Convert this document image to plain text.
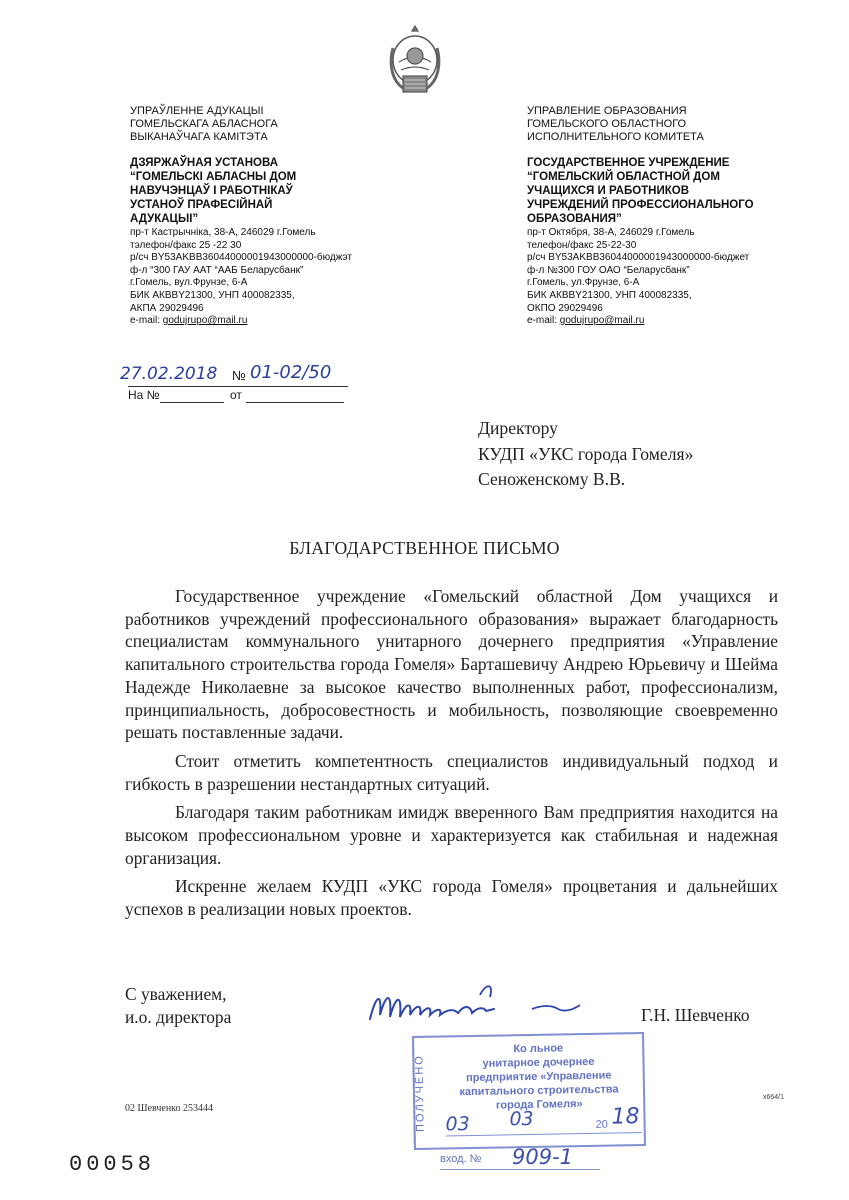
УПРАЎЛЕННЕ АДУКАЦЫІ
ГОМЕЛЬСКАГА АБЛАСНОГА
ВЫКАНАЎЧАГА КАМІТЭТА
ДЗЯРЖАЎНАЯ УСТАНОВА
“ГОМЕЛЬСКІ АБЛАСНЫ ДОМ
НАВУЧЭНЦАЎ І РАБОТНІКАЎ
УСТАНОЎ ПРАФЕСІЙНАЙ
АДУКАЦЫІ”
пр-т Кастрычніка, 38-А, 246029 г.Гомель
тэлефон/факс 25 -22 30
р/сч BY53AKBB36044000001943000000-бюджэт
ф-л “300 ГАУ ААТ “ААБ Беларусбанк”
г.Гомель, вул.Фрунзе, 6-А
БИК АКВВY21300, УНП 400082335,
АКПА 29029496
e-mail: godujrupo@mail.ru
УПРАВЛЕНИЕ ОБРАЗОВАНИЯ
ГОМЕЛЬСКОГО ОБЛАСТНОГО
ИСПОЛНИТЕЛЬНОГО КОМИТЕТА
ГОСУДАРСТВЕННОЕ УЧРЕЖДЕНИЕ
“ГОМЕЛЬСКИЙ ОБЛАСТНОЙ ДОМ
УЧАЩИХСЯ И РАБОТНИКОВ
УЧРЕЖДЕНИЙ ПРОФЕССИОНАЛЬНОГО
ОБРАЗОВАНИЯ”
пр-т Октября, 38-А, 246029 г.Гомель
телефон/факс 25-22-30
р/сч BY53AKBB36044000001943000000-бюджет
ф-л №300 ГОУ ОАО “Беларусбанк”
г.Гомель, ул.Фрунзе, 6-А
БИК АКВВY21300, УНП 400082335,
ОКПО 29029496
e-mail: godujrupo@mail.ru
27.02.2018 № 01-02/50
На №	от
Директору
КУДП «УКС города Гомеля»
Сеноженскому В.В.
БЛАГОДАРСТВЕННОЕ ПИСЬМО

Государственное учреждение «Гомельский областной Дом учащихся и работников учреждений профессионального образования» выражает благодарность специалистам коммунального унитарного дочернего предприятия «Управление капитального строительства города Гомеля» Барташевичу Андрею Юрьевичу и Шейма Надежде Николаевне за высокое качество выполненных работ, профессионализм, принципиальность, добросовестность и мобильность, позволяющие своевременно решать поставленные задачи.

Стоит отметить компетентность специалистов индивидуальный подход и гибкость в разрешении нестандартных ситуаций.

Благодаря таким работникам имидж вверенного Вам предприятия находится на высоком профессиональном уровне и характеризуется как стабильная и надежная организация.

Искренне желаем КУДП «УКС города Гомеля» процветания и дальнейших успехов в реализации новых проектов.

С уважением,
и.о. директора	Г.Н. Шевченко
ПОЛУЧЕНО
Ко льное
унитарное дочернее
предприятие «Управление
капитального строительства
города Гомеля»
03 03	20 18
вход. № 909-1
x664/1
02 Шевченко 253444
00058
